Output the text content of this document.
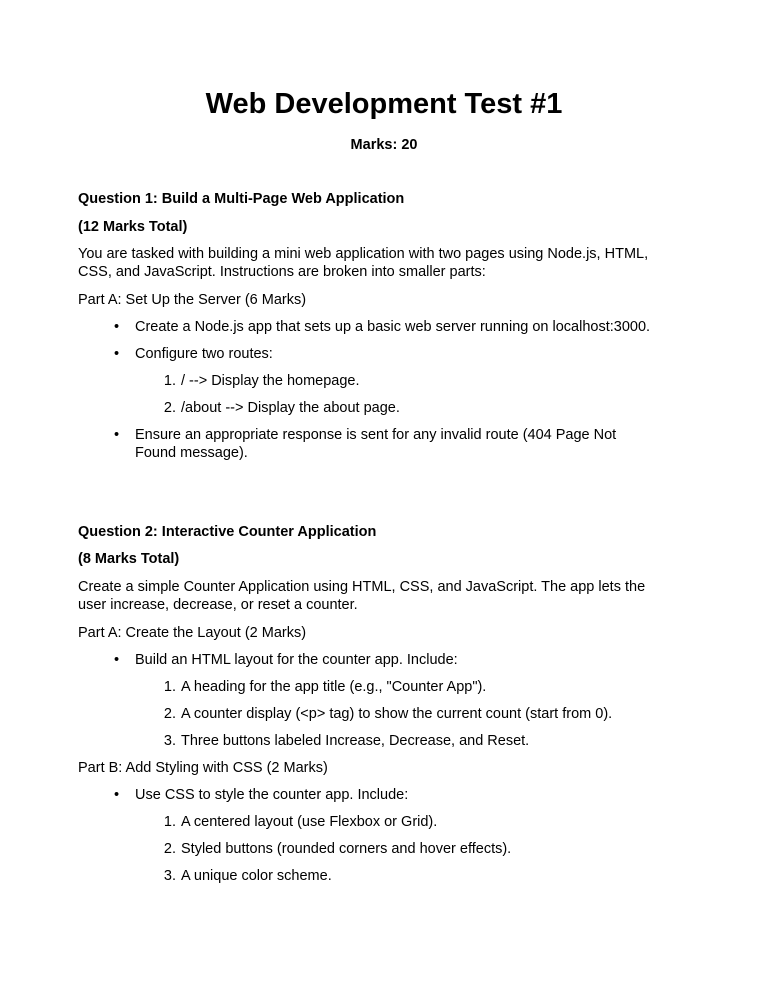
Web Development Test #1
Marks: 20
Question 1: Build a Multi-Page Web Application
(12 Marks Total)
You are tasked with building a mini web application with two pages using Node.js, HTML, CSS, and JavaScript. Instructions are broken into smaller parts:
Part A: Set Up the Server (6 Marks)
• Create a Node.js app that sets up a basic web server running on localhost:3000.
• Configure two routes:
1. / --> Display the homepage.
2. /about --> Display the about page.
• Ensure an appropriate response is sent for any invalid route (404 Page Not Found message).
Question 2: Interactive Counter Application
(8 Marks Total)
Create a simple Counter Application using HTML, CSS, and JavaScript. The app lets the user increase, decrease, or reset a counter.
Part A: Create the Layout (2 Marks)
• Build an HTML layout for the counter app. Include:
1. A heading for the app title (e.g., "Counter App").
2. A counter display (<p> tag) to show the current count (start from 0).
3. Three buttons labeled Increase, Decrease, and Reset.
Part B: Add Styling with CSS (2 Marks)
• Use CSS to style the counter app. Include:
1. A centered layout (use Flexbox or Grid).
2. Styled buttons (rounded corners and hover effects).
3. A unique color scheme.
